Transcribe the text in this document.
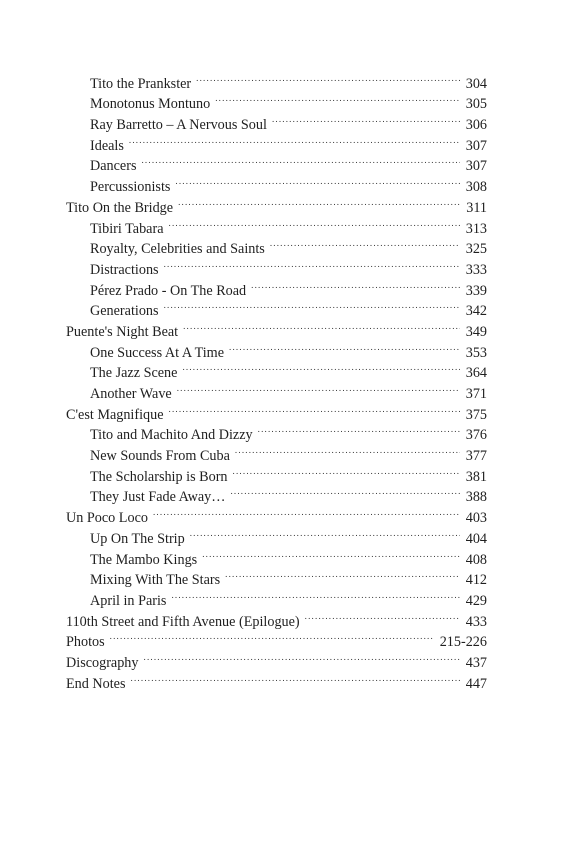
Tito the Prankster .....	304
Monotonus Montuno .....	305
Ray Barretto – A Nervous Soul .....	306
Ideals .....	307
Dancers .....	307
Percussionists .....	308
Tito On the Bridge .....	311
Tibiri Tabara .....	313
Royalty, Celebrities and Saints .....	325
Distractions .....	333
Pérez Prado - On The Road .....	339
Generations .....	342
Puente's Night Beat .....	349
One Success At A Time .....	353
The Jazz Scene .....	364
Another Wave .....	371
C'est Magnifique .....	375
Tito and Machito And Dizzy .....	376
New Sounds From Cuba .....	377
The Scholarship is Born .....	381
They Just Fade Away… .....	388
Un Poco Loco .....	403
Up On The Strip .....	404
The Mambo Kings .....	408
Mixing With The Stars .....	412
April in Paris .....	429
110th Street and Fifth Avenue (Epilogue) .....	433
Photos .....	215-226
Discography .....	437
End Notes .....	447
